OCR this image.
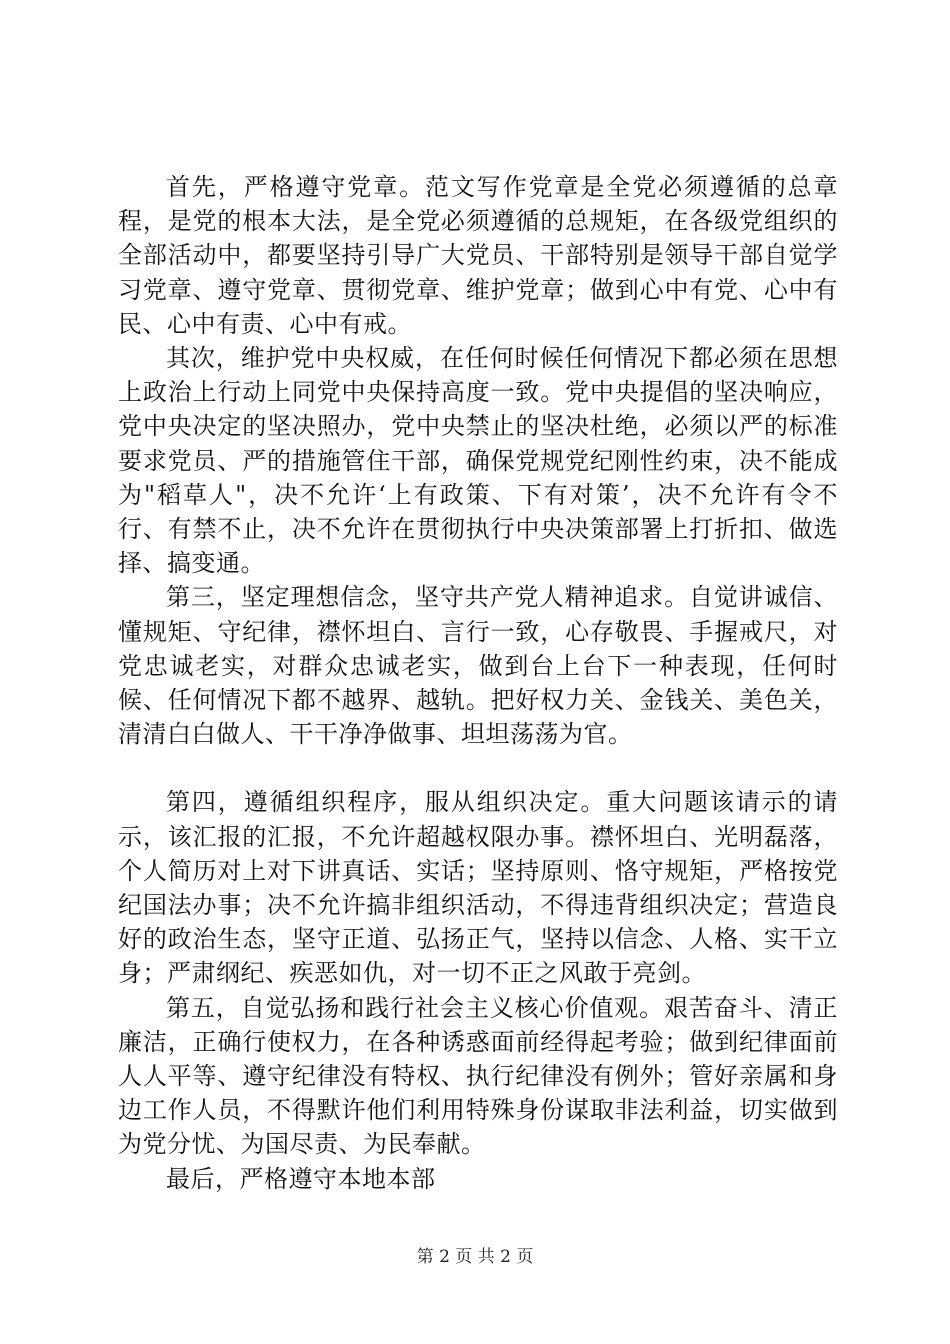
首先，严格遵守党章。范文写作党章是全党必须遵循的总章程，是党的根本大法，是全党必须遵循的总规矩，在各级党组织的全部活动中，都要坚持引导广大党员、干部特别是领导干部自觉学习党章、遵守党章、贯彻党章、维护党章；做到心中有党、心中有民、心中有责、心中有戒。

其次，维护党中央权威，在任何时候任何情况下都必须在思想上政治上行动上同党中央保持高度一致。党中央提倡的坚决响应，党中央决定的坚决照办，党中央禁止的坚决杜绝，必须以严的标准要求党员、严的措施管住干部，确保党规党纪刚性约束，决不能成为"稻草人"，决不允许‘上有政策、下有对策’，决不允许有令不行、有禁不止，决不允许在贯彻执行中央决策部署上打折扣、做选择、搞变通。

第三，坚定理想信念，坚守共产党人精神追求。自觉讲诚信、懂规矩、守纪律，襟怀坦白、言行一致，心存敬畏、手握戒尺，对党忠诚老实，对群众忠诚老实，做到台上台下一种表现，任何时候、任何情况下都不越界、越轨。把好权力关、金钱关、美色关，清清白白做人、干干净净做事、坦坦荡荡为官。

第四，遵循组织程序，服从组织决定。重大问题该请示的请示，该汇报的汇报，不允许超越权限办事。襟怀坦白、光明磊落，个人简历对上对下讲真话、实话；坚持原则、恪守规矩，严格按党纪国法办事；决不允许搞非组织活动，不得违背组织决定；营造良好的政治生态，坚守正道、弘扬正气，坚持以信念、人格、实干立身；严肃纲纪、疾恶如仇，对一切不正之风敢于亮剑。

第五，自觉弘扬和践行社会主义核心价值观。艰苦奋斗、清正廉洁，正确行使权力，在各种诱惑面前经得起考验；做到纪律面前人人平等、遵守纪律没有特权、执行纪律没有例外；管好亲属和身边工作人员，不得默许他们利用特殊身份谋取非法利益，切实做到为党分忧、为国尽责、为民奉献。

最后，严格遵守本地本部

第 2 页 共 2 页
